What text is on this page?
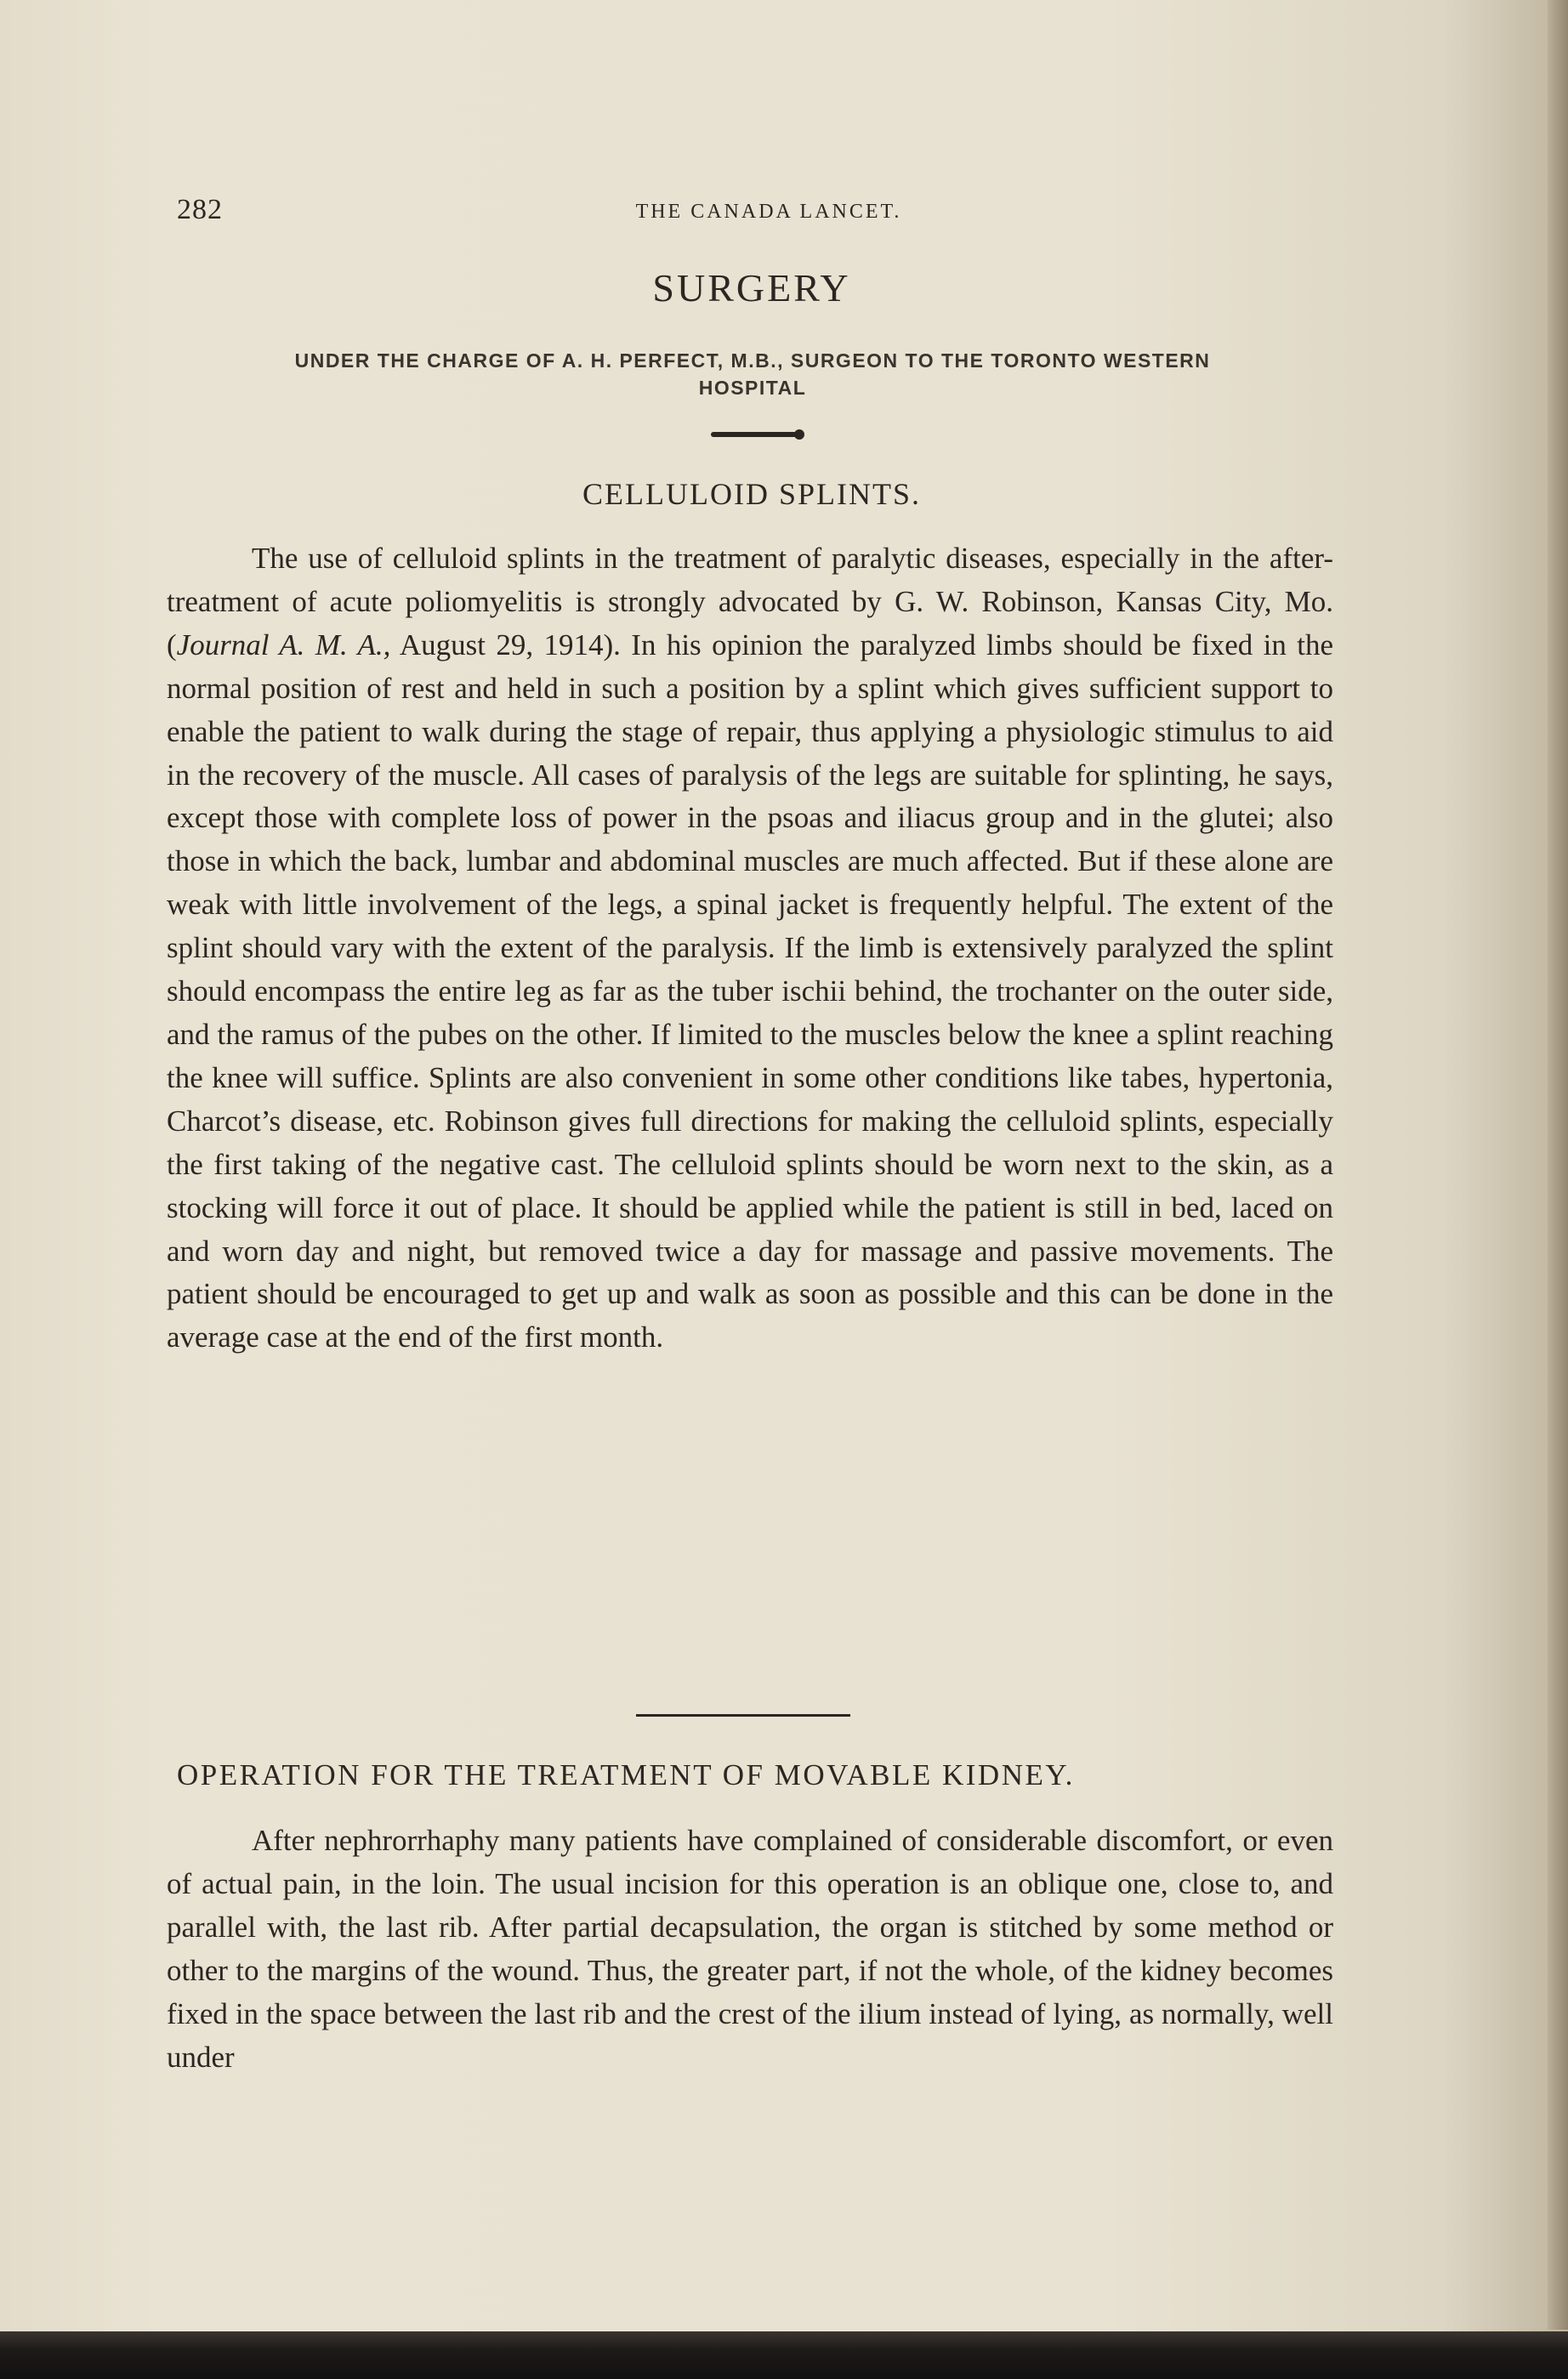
282	THE CANADA LANCET.
SURGERY
UNDER THE CHARGE OF A. H. PERFECT, M.B., SURGEON TO THE TORONTO WESTERN HOSPITAL
CELLULOID SPLINTS.

The use of celluloid splints in the treatment of paralytic diseases, especially in the after-treatment of acute poliomyelitis is strongly advocated by G. W. Robinson, Kansas City, Mo. (Journal A. M. A., August 29, 1914). In his opinion the paralyzed limbs should be fixed in the normal position of rest and held in such a position by a splint which gives sufficient support to enable the patient to walk during the stage of repair, thus applying a physiologic stimulus to aid in the recovery of the muscle. All cases of paralysis of the legs are suitable for splinting, he says, except those with complete loss of power in the psoas and iliacus group and in the glutei; also those in which the back, lumbar and abdominal muscles are much affected. But if these alone are weak with little involvement of the legs, a spinal jacket is frequently helpful. The extent of the splint should vary with the extent of the paralysis. If the limb is extensively paralyzed the splint should encompass the entire leg as far as the tuber ischii behind, the trochanter on the outer side, and the ramus of the pubes on the other. If limited to the muscles below the knee a splint reaching the knee will suffice. Splints are also convenient in some other conditions like tabes, hypertonia, Charcot’s disease, etc. Robinson gives full directions for making the celluloid splints, especially the first taking of the negative cast. The celluloid splints should be worn next to the skin, as a stocking will force it out of place. It should be applied while the patient is still in bed, laced on and worn day and night, but removed twice a day for massage and passive movements. The patient should be encouraged to get up and walk as soon as possible and this can be done in the average case at the end of the first month.

OPERATION FOR THE TREATMENT OF MOVABLE KIDNEY.

After nephrorrhaphy many patients have complained of considerable discomfort, or even of actual pain, in the loin. The usual incision for this operation is an oblique one, close to, and parallel with, the last rib. After partial decapsulation, the organ is stitched by some method or other to the margins of the wound. Thus, the greater part, if not the whole, of the kidney becomes fixed in the space between the last rib and the crest of the ilium instead of lying, as normally, well under
